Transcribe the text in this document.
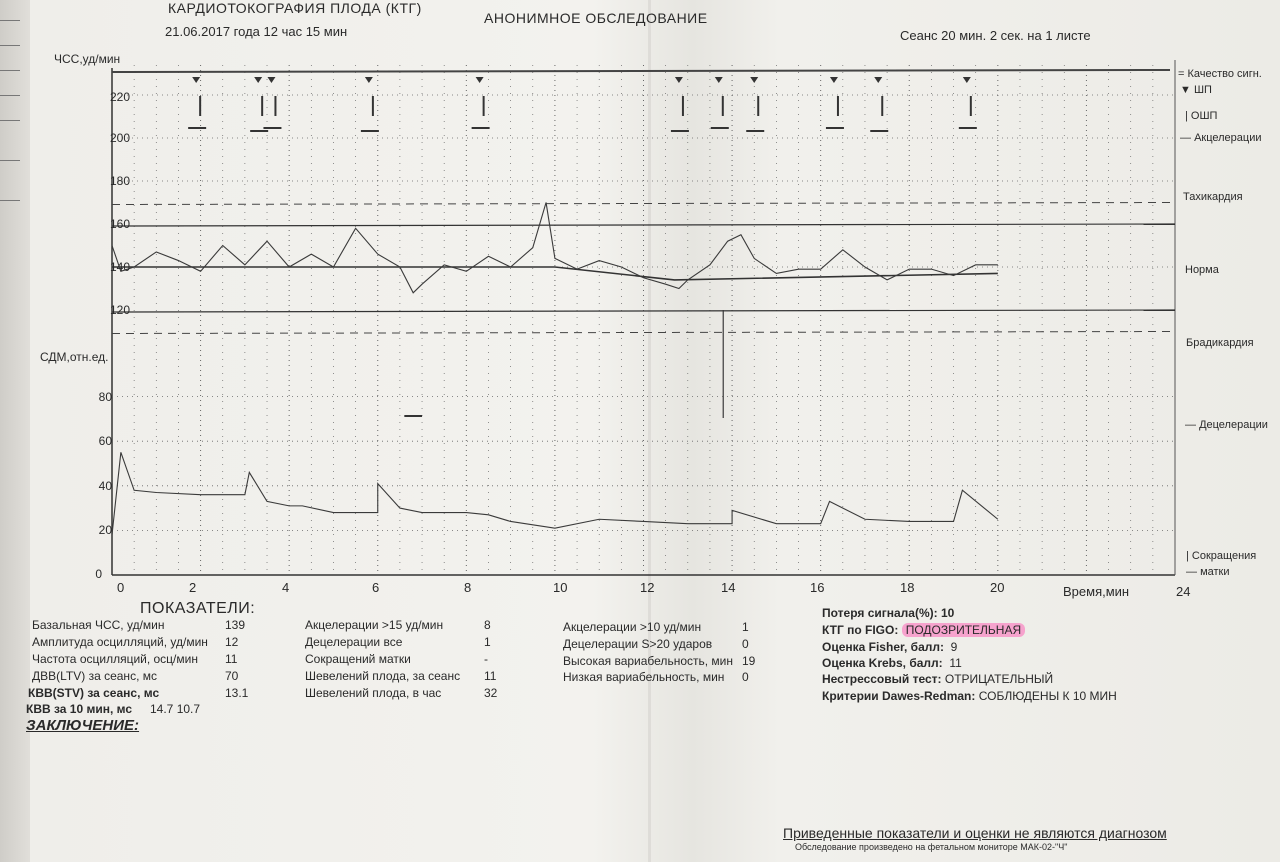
КАРДИОТОКОГРАФИЯ ПЛОДА (КТГ)
АНОНИМНОЕ ОБСЛЕДОВАНИЕ
21.06.2017 года 12 час 15 мин	Сеанс 20 мин. 2 сек. на 1 листе
ЧСС,уд/мин
220
200
180
160
140
120
СДМ,отн.ед.
80
60
40
20
0
0	2	4	6	8	10	12	14	16	18	20	Время,мин	24
= Качество сигн.
▼ ШП
| ОШП
— Акцелерации
Тахикардия
Норма
Брадикардия
— Децелерации
| Сокращения
— матки
ПОКАЗАТЕЛИ:
Базальная ЧСС, уд/мин	139
Амплитуда осцилляций, уд/мин 12
Частота осцилляций, осц/мин 11
ДВВ(LTV) за сеанс, мс	70
КВВ(STV) за сеанс, мс	13.1
КВВ за 10 мин, мс 14.7 10.7
Акцелерации >15 уд/мин	8
Децелерации все	1
Сокращений матки	-
Шевелений плода, за сеанс 11
Шевелений плода, в час	32
Акцелерации >10 уд/мин	1
Децелерации S>20 ударов 0
Высокая вариабельность, мин 19
Низкая вариабельность, мин 0
Потеря сигнала(%): 10
КТГ по FIGO: ПОДОЗРИТЕЛЬНАЯ
Оценка Fisher, балл: 9
Оценка Krebs, балл: 11
Нестрессовый тест: ОТРИЦАТЕЛЬНЫЙ
Критерии Dawes-Redman: СОБЛЮДЕНЫ К 10 МИН
ЗАКЛЮЧЕНИЕ:
Приведенные показатели и оценки не являются диагнозом
Обследование произведено на фетальном мониторе МАК-02-"Ч"
